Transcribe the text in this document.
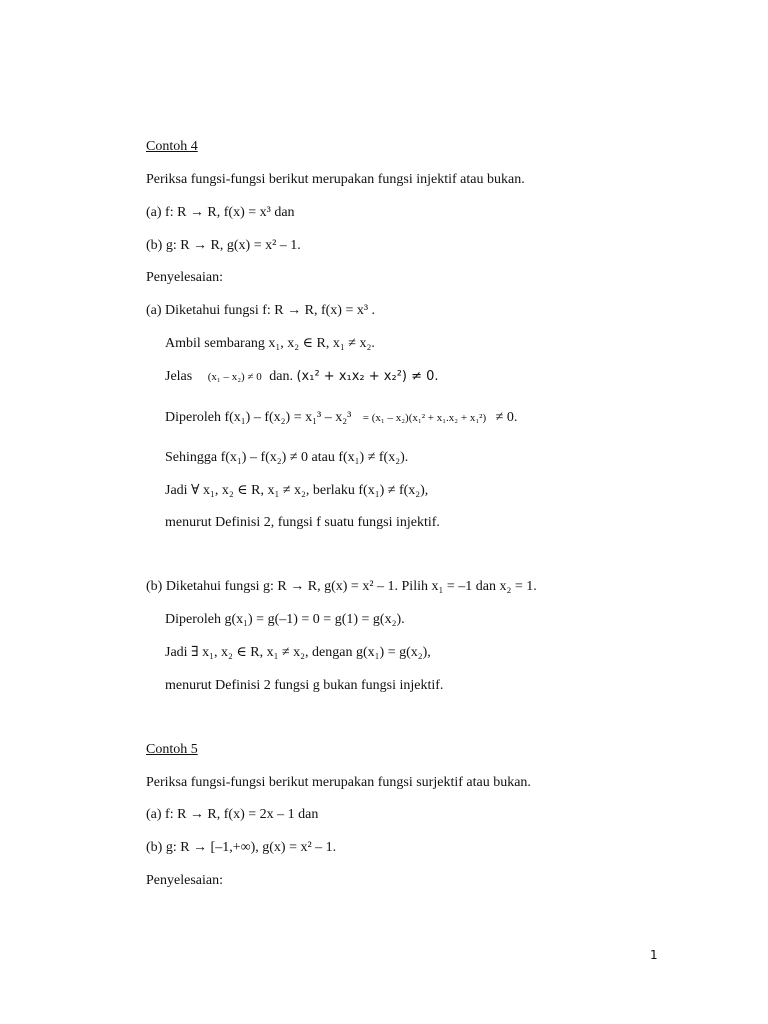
Contoh 4
Periksa fungsi-fungsi berikut merupakan fungsi injektif atau bukan.
(a) f: R → R, f(x) = x³ dan
(b) g: R → R, g(x) = x² – 1.
Penyelesaian:
(a) Diketahui fungsi f: R → R, f(x) = x³ .
Ambil sembarang x₁, x₂ ∈ R, x₁ ≠ x₂.
Jelas (x₁ – x₂) ≠ 0 dan. (x₁² + x₁x₂ + x₂²) ≠ 0.
Diperoleh f(x₁) – f(x₂) = x₁³ – x₂³ = (x₁ – x₂)(x₁² + x₁.x₂ + x₁²) ≠ 0.
Sehingga f(x₁) – f(x₂) ≠ 0 atau f(x₁) ≠ f(x₂).
Jadi ∀ x₁, x₂ ∈ R, x₁ ≠ x₂, berlaku f(x₁) ≠ f(x₂),
menurut Definisi 2, fungsi f suatu fungsi injektif.
(b) Diketahui fungsi g: R → R, g(x) = x² – 1. Pilih x₁ = –1 dan x₂ = 1.
Diperoleh g(x₁) = g(–1) = 0 = g(1) = g(x₂).
Jadi ∃ x₁, x₂ ∈ R, x₁ ≠ x₂, dengan g(x₁) = g(x₂),
menurut Definisi 2 fungsi g bukan fungsi injektif.
Contoh 5
Periksa fungsi-fungsi berikut merupakan fungsi surjektif atau bukan.
(a) f: R → R, f(x) = 2x – 1 dan
(b) g: R → [–1,+∞), g(x) = x² – 1.
Penyelesaian:
1
